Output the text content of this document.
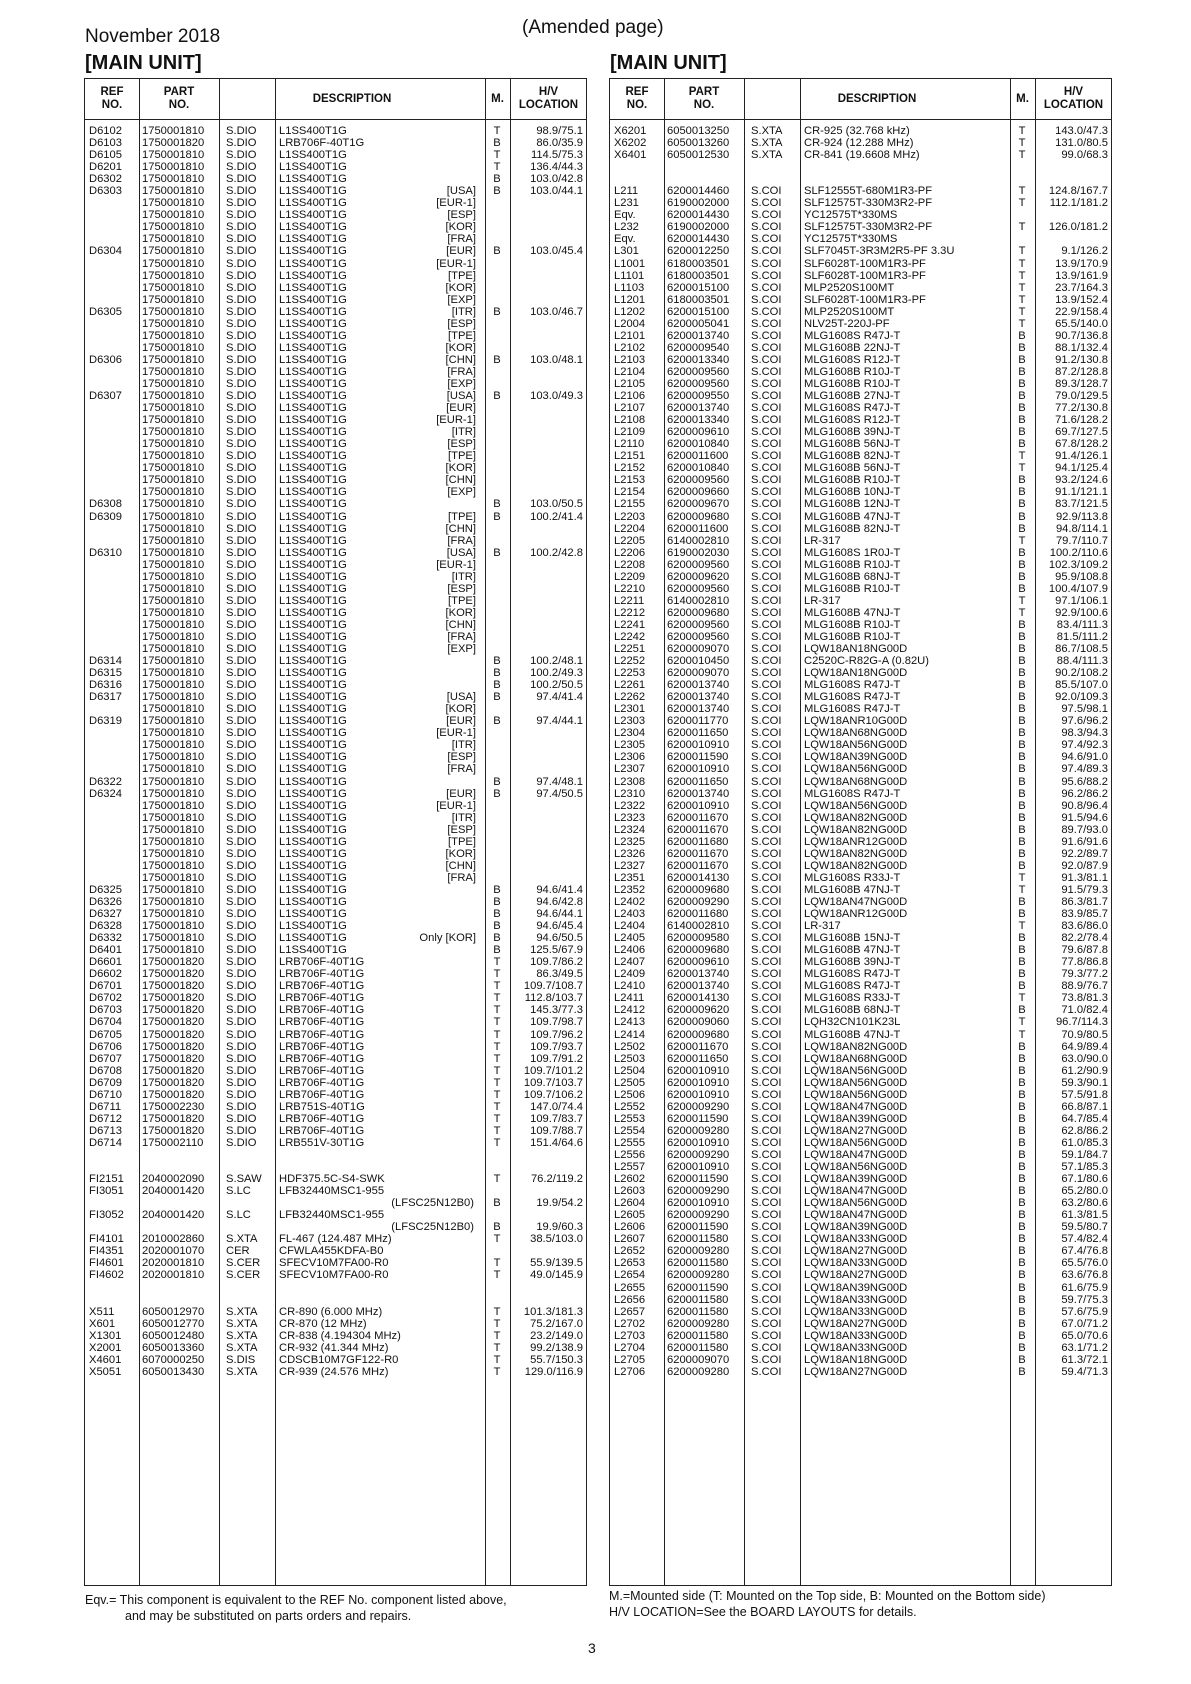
November 2018	(Amended page)
[MAIN UNIT]	[MAIN UNIT]
REF
NO.
PART
NO.
DESCRIPTION	M.
H/V
LOCATION
D6102 1750001810 S.DIO L1SS400T1G	T	98.9/75.1
D6103 1750001820 S.DIO LRB706F-40T1G	B	86.0/35.9
D6105 1750001810 S.DIO L1SS400T1G	T	114.5/75.3
D6201 1750001810 S.DIO L1SS400T1G	T	136.4/44.3
D6302 1750001810 S.DIO L1SS400T1G	B	103.0/42.8
D6303 1750001810 S.DIO L1SS400T1G	[USA] B	103.0/44.1
1750001810 S.DIO L1SS400T1G	[EUR-1]
1750001810 S.DIO L1SS400T1G	[ESP]
1750001810 S.DIO L1SS400T1G	[KOR]
1750001810 S.DIO L1SS400T1G	[FRA]
D6304 1750001810 S.DIO L1SS400T1G	[EUR] B	103.0/45.4
1750001810 S.DIO L1SS400T1G	[EUR-1]
1750001810 S.DIO L1SS400T1G	[TPE]
1750001810 S.DIO L1SS400T1G	[KOR]
1750001810 S.DIO L1SS400T1G	[EXP]
D6305 1750001810 S.DIO L1SS400T1G	[ITR] B	103.0/46.7
1750001810 S.DIO L1SS400T1G	[ESP]
1750001810 S.DIO L1SS400T1G	[TPE]
1750001810 S.DIO L1SS400T1G	[KOR]
D6306 1750001810 S.DIO L1SS400T1G	[CHN] B	103.0/48.1
1750001810 S.DIO L1SS400T1G	[FRA]
1750001810 S.DIO L1SS400T1G	[EXP]
D6307 1750001810 S.DIO L1SS400T1G	[USA] B	103.0/49.3
1750001810 S.DIO L1SS400T1G	[EUR]
1750001810 S.DIO L1SS400T1G	[EUR-1]
1750001810 S.DIO L1SS400T1G	[ITR]
1750001810 S.DIO L1SS400T1G	[ESP]
1750001810 S.DIO L1SS400T1G	[TPE]
1750001810 S.DIO L1SS400T1G	[KOR]
1750001810 S.DIO L1SS400T1G	[CHN]
1750001810 S.DIO L1SS400T1G	[EXP]
D6308 1750001810 S.DIO L1SS400T1G	B	103.0/50.5
D6309 1750001810 S.DIO L1SS400T1G	[TPE] B	100.2/41.4
1750001810 S.DIO L1SS400T1G	[CHN]
1750001810 S.DIO L1SS400T1G	[FRA]
D6310 1750001810 S.DIO L1SS400T1G	[USA] B	100.2/42.8
1750001810 S.DIO L1SS400T1G	[EUR-1]
1750001810 S.DIO L1SS400T1G	[ITR]
1750001810 S.DIO L1SS400T1G	[ESP]
1750001810 S.DIO L1SS400T1G	[TPE]
1750001810 S.DIO L1SS400T1G	[KOR]
1750001810 S.DIO L1SS400T1G	[CHN]
1750001810 S.DIO L1SS400T1G	[FRA]
1750001810 S.DIO L1SS400T1G	[EXP]
D6314 1750001810 S.DIO L1SS400T1G	B	100.2/48.1
D6315 1750001810 S.DIO L1SS400T1G	B	100.2/49.3
D6316 1750001810 S.DIO L1SS400T1G	B	100.2/50.5
D6317 1750001810 S.DIO L1SS400T1G	[USA] B	97.4/41.4
1750001810 S.DIO L1SS400T1G	[KOR]
D6319 1750001810 S.DIO L1SS400T1G	[EUR] B	97.4/44.1
1750001810 S.DIO L1SS400T1G	[EUR-1]
1750001810 S.DIO L1SS400T1G	[ITR]
1750001810 S.DIO L1SS400T1G	[ESP]
1750001810 S.DIO L1SS400T1G	[FRA]
D6322 1750001810 S.DIO L1SS400T1G	B	97.4/48.1
D6324 1750001810 S.DIO L1SS400T1G	[EUR] B	97.4/50.5
1750001810 S.DIO L1SS400T1G	[EUR-1]
1750001810 S.DIO L1SS400T1G	[ITR]
1750001810 S.DIO L1SS400T1G	[ESP]
1750001810 S.DIO L1SS400T1G	[TPE]
1750001810 S.DIO L1SS400T1G	[KOR]
1750001810 S.DIO L1SS400T1G	[CHN]
1750001810 S.DIO L1SS400T1G	[FRA]
D6325 1750001810 S.DIO L1SS400T1G	B	94.6/41.4
D6326 1750001810 S.DIO L1SS400T1G	B	94.6/42.8
D6327 1750001810 S.DIO L1SS400T1G	B	94.6/44.1
D6328 1750001810 S.DIO L1SS400T1G	B	94.6/45.4
D6332 1750001810 S.DIO L1SS400T1G	Only [KOR] B	94.6/50.5
D6401 1750001810 S.DIO L1SS400T1G	B	125.5/67.9
D6601 1750001820 S.DIO LRB706F-40T1G	T	109.7/86.2
D6602 1750001820 S.DIO LRB706F-40T1G	T	86.3/49.5
D6701 1750001820 S.DIO LRB706F-40T1G	T	109.7/108.7
D6702 1750001820 S.DIO LRB706F-40T1G	T	112.8/103.7
D6703 1750001820 S.DIO LRB706F-40T1G	T	145.3/77.3
D6704 1750001820 S.DIO LRB706F-40T1G	T	109.7/98.7
D6705 1750001820 S.DIO LRB706F-40T1G	T	109.7/96.2
D6706 1750001820 S.DIO LRB706F-40T1G	T	109.7/93.7
D6707 1750001820 S.DIO LRB706F-40T1G	T	109.7/91.2
D6708 1750001820 S.DIO LRB706F-40T1G	T	109.7/101.2
D6709 1750001820 S.DIO LRB706F-40T1G	T	109.7/103.7
D6710 1750001820 S.DIO LRB706F-40T1G	T	109.7/106.2
D6711 1750002230 S.DIO LRB751S-40T1G	T	147.0/74.4
D6712 1750001820 S.DIO LRB706F-40T1G	T	109.7/83.7
D6713 1750001820 S.DIO LRB706F-40T1G	T	109.7/88.7
D6714 1750002110 S.DIO LRB551V-30T1G	T	151.4/64.6
FI2151 2040002090 S.SAW HDF375.5C-S4-SWK	T	76.2/119.2
FI3051 2040001420 S.LC	LFB32440MSC1-955
(LFSC25N12B0) B	19.9/54.2
FI3052 2040001420 S.LC	LFB32440MSC1-955
(LFSC25N12B0) B	19.9/60.3
FI4101 2010002860 S.XTA FL-467 (124.487 MHz)	T	38.5/103.0
FI4351 2020001070 CER	CFWLA455KDFA-B0
FI4601 2020001810 S.CER SFECV10M7FA00-R0	T	55.9/139.5
FI4602 2020001810 S.CER SFECV10M7FA00-R0	T	49.0/145.9
X511 6050012970 S.XTA CR-890 (6.000 MHz)	T	101.3/181.3
X601 6050012770 S.XTA CR-870 (12 MHz)	T	75.2/167.0
X1301 6050012480 S.XTA CR-838 (4.194304 MHz)	T	23.2/149.0
X2001 6050013360 S.XTA CR-932 (41.344 MHz)	T	99.2/138.9
X4601 6070000250 S.DIS CDSCB10M7GF122-R0	T	55.7/150.3
X5051 6050013430 S.XTA CR-939 (24.576 MHz)	T	129.0/116.9
REF
NO.
PART
NO.
DESCRIPTION	M.
H/V
LOCATION
X6201 6050013250 S.XTA CR-925 (32.768 kHz)	T	143.0/47.3
X6202 6050013260 S.XTA CR-924 (12.288 MHz)	T	131.0/80.5
X6401 6050012530 S.XTA CR-841 (19.6608 MHz)	T	99.0/68.3
L211	6200014460 S.COI SLF12555T-680M1R3-PF	T	124.8/167.7
L231	6190002000 S.COI SLF12575T-330M3R2-PF	T	112.1/181.2
Eqv.	6200014430 S.COI YC12575T*330MS
L232	6190002000 S.COI SLF12575T-330M3R2-PF	T	126.0/181.2
Eqv.	6200014430 S.COI YC12575T*330MS
L301	6200012250 S.COI SLF7045T-3R3M2R5-PF 3.3U	T	9.1/126.2
L1001 6180003501 S.COI SLF6028T-100M1R3-PF	T	13.9/170.9
L1101 6180003501 S.COI SLF6028T-100M1R3-PF	T	13.9/161.9
L1103 6200015100 S.COI MLP2520S100MT	T	23.7/164.3
L1201 6180003501 S.COI SLF6028T-100M1R3-PF	T	13.9/152.4
L1202 6200015100 S.COI MLP2520S100MT	T	22.9/158.4
L2004 6200005041 S.COI NLV25T-220J-PF	T	65.5/140.0
L2101 6200013740 S.COI MLG1608S R47J-T	B	90.7/136.8
L2102 6200009540 S.COI MLG1608B 22NJ-T	B	88.1/132.4
L2103 6200013340 S.COI MLG1608S R12J-T	B	91.2/130.8
L2104 6200009560 S.COI MLG1608B R10J-T	B	87.2/128.8
L2105 6200009560 S.COI MLG1608B R10J-T	B	89.3/128.7
L2106 6200009550 S.COI MLG1608B 27NJ-T	B	79.0/129.5
L2107 6200013740 S.COI MLG1608S R47J-T	B	77.2/130.8
L2108 6200013340 S.COI MLG1608S R12J-T	B	71.6/128.2
L2109 6200009610 S.COI MLG1608B 39NJ-T	B	69.7/127.5
L2110 6200010840 S.COI MLG1608B 56NJ-T	B	67.8/128.2
L2151 6200011600 S.COI MLG1608B 82NJ-T	T	91.4/126.1
L2152 6200010840 S.COI MLG1608B 56NJ-T	T	94.1/125.4
L2153 6200009560 S.COI MLG1608B R10J-T	B	93.2/124.6
L2154 6200009660 S.COI MLG1608B 10NJ-T	B	91.1/121.1
L2155 6200009670 S.COI MLG1608B 12NJ-T	B	83.7/121.5
L2203 6200009680 S.COI MLG1608B 47NJ-T	B	92.9/113.8
L2204 6200011600 S.COI MLG1608B 82NJ-T	B	94.8/114.1
L2205 6140002810 S.COI LR-317	T	79.7/110.7
L2206 6190002030 S.COI MLG1608S 1R0J-T	B	100.2/110.6
L2208 6200009560 S.COI MLG1608B R10J-T	B	102.3/109.2
L2209 6200009620 S.COI MLG1608B 68NJ-T	B	95.9/108.8
L2210 6200009560 S.COI MLG1608B R10J-T	B	100.4/107.9
L2211 6140002810 S.COI LR-317	T	97.1/106.1
L2212 6200009680 S.COI MLG1608B 47NJ-T	T	92.9/100.6
L2241 6200009560 S.COI MLG1608B R10J-T	B	83.4/111.3
L2242 6200009560 S.COI MLG1608B R10J-T	B	81.5/111.2
L2251 6200009070 S.COI LQW18AN18NG00D	B	86.7/108.5
L2252 6200010450 S.COI C2520C-R82G-A (0.82U)	B	88.4/111.3
L2253 6200009070 S.COI LQW18AN18NG00D	B	90.2/108.2
L2261 6200013740 S.COI MLG1608S R47J-T	B	85.5/107.0
L2262 6200013740 S.COI MLG1608S R47J-T	B	92.0/109.3
L2301 6200013740 S.COI MLG1608S R47J-T	B	97.5/98.1
L2303 6200011770 S.COI LQW18ANR10G00D	B	97.6/96.2
L2304 6200011650 S.COI LQW18AN68NG00D	B	98.3/94.3
L2305 6200010910 S.COI LQW18AN56NG00D	B	97.4/92.3
L2306 6200011590 S.COI LQW18AN39NG00D	B	94.6/91.0
L2307 6200010910 S.COI LQW18AN56NG00D	B	97.4/89.3
L2308 6200011650 S.COI LQW18AN68NG00D	B	95.6/88.2
L2310 6200013740 S.COI MLG1608S R47J-T	B	96.2/86.2
L2322 6200010910 S.COI LQW18AN56NG00D	B	90.8/96.4
L2323 6200011670 S.COI LQW18AN82NG00D	B	91.5/94.6
L2324 6200011670 S.COI LQW18AN82NG00D	B	89.7/93.0
L2325 6200011680 S.COI LQW18ANR12G00D	B	91.6/91.6
L2326 6200011670 S.COI LQW18AN82NG00D	B	92.2/89.7
L2327 6200011670 S.COI LQW18AN82NG00D	B	92.0/87.9
L2351 6200014130 S.COI MLG1608S R33J-T	T	91.3/81.1
L2352 6200009680 S.COI MLG1608B 47NJ-T	T	91.5/79.3
L2402 6200009290 S.COI LQW18AN47NG00D	B	86.3/81.7
L2403 6200011680 S.COI LQW18ANR12G00D	B	83.9/85.7
L2404 6140002810 S.COI LR-317	T	83.6/86.0
L2405 6200009580 S.COI MLG1608B 15NJ-T	B	82.2/78.4
L2406 6200009680 S.COI MLG1608B 47NJ-T	B	79.6/87.8
L2407 6200009610 S.COI MLG1608B 39NJ-T	B	77.8/86.8
L2409 6200013740 S.COI MLG1608S R47J-T	B	79.3/77.2
L2410 6200013740 S.COI MLG1608S R47J-T	B	88.9/76.7
L2411 6200014130 S.COI MLG1608S R33J-T	T	73.8/81.3
L2412 6200009620 S.COI MLG1608B 68NJ-T	B	71.0/82.4
L2413 6200009060 S.COI LQH32CN101K23L	T	96.7/114.3
L2414 6200009680 S.COI MLG1608B 47NJ-T	T	70.9/80.5
L2502 6200011670 S.COI LQW18AN82NG00D	B	64.9/89.4
L2503 6200011650 S.COI LQW18AN68NG00D	B	63.0/90.0
L2504 6200010910 S.COI LQW18AN56NG00D	B	61.2/90.9
L2505 6200010910 S.COI LQW18AN56NG00D	B	59.3/90.1
L2506 6200010910 S.COI LQW18AN56NG00D	B	57.5/91.8
L2552 6200009290 S.COI LQW18AN47NG00D	B	66.8/87.1
L2553 6200011590 S.COI LQW18AN39NG00D	B	64.7/85.4
L2554 6200009280 S.COI LQW18AN27NG00D	B	62.8/86.2
L2555 6200010910 S.COI LQW18AN56NG00D	B	61.0/85.3
L2556 6200009290 S.COI LQW18AN47NG00D	B	59.1/84.7
L2557 6200010910 S.COI LQW18AN56NG00D	B	57.1/85.3
L2602 6200011590 S.COI LQW18AN39NG00D	B	67.1/80.6
L2603 6200009290 S.COI LQW18AN47NG00D	B	65.2/80.0
L2604 6200010910 S.COI LQW18AN56NG00D	B	63.2/80.6
L2605 6200009290 S.COI LQW18AN47NG00D	B	61.3/81.5
L2606 6200011590 S.COI LQW18AN39NG00D	B	59.5/80.7
L2607 6200011580 S.COI LQW18AN33NG00D	B	57.4/82.4
L2652 6200009280 S.COI LQW18AN27NG00D	B	67.4/76.8
L2653 6200011580 S.COI LQW18AN33NG00D	B	65.5/76.0
L2654 6200009280 S.COI LQW18AN27NG00D	B	63.6/76.8
L2655 6200011590 S.COI LQW18AN39NG00D	B	61.6/75.9
L2656 6200011580 S.COI LQW18AN33NG00D	B	59.7/75.3
L2657 6200011580 S.COI LQW18AN33NG00D	B	57.6/75.9
L2702 6200009280 S.COI LQW18AN27NG00D	B	67.0/71.2
L2703 6200011580 S.COI LQW18AN33NG00D	B	65.0/70.6
L2704 6200011580 S.COI LQW18AN33NG00D	B	63.1/71.2
L2705 6200009070 S.COI LQW18AN18NG00D	B	61.3/72.1
L2706 6200009280 S.COI LQW18AN27NG00D	B	59.4/71.3
Eqv.= This component is equivalent to the REF No. component listed above,
and may be substituted on parts orders and repairs.
M.=Mounted side (T: Mounted on the Top side, B: Mounted on the Bottom side)
H/V LOCATION=See the BOARD LAYOUTS for details.
3
